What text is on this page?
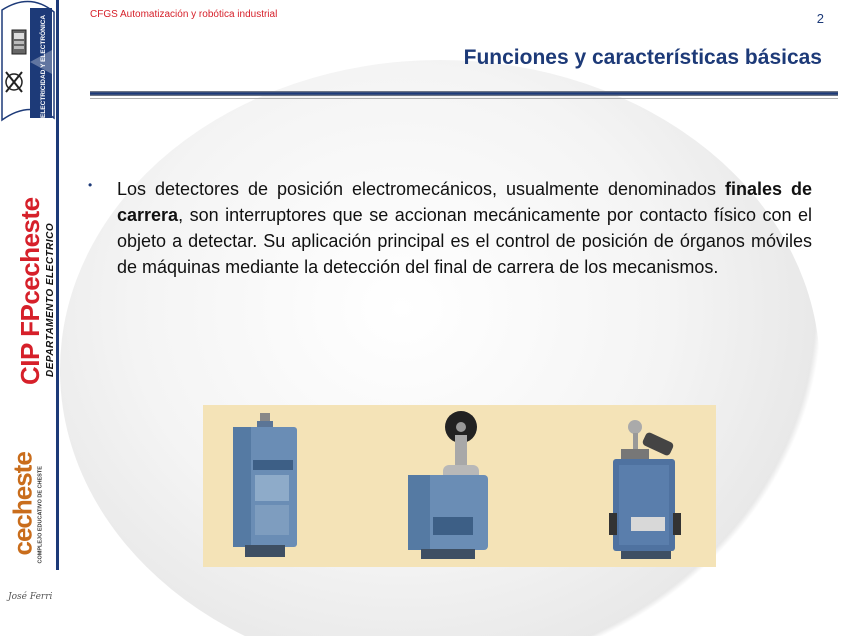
ELECTRICIDAD Y ELECTRÓNICA
CIP FPcecheste DEPARTAMENTO ELECTRICO
cecheste COMPLEJO EDUCATIVO DE CHESTE
José Ferri
CFGS Automatización y robótica industrial	2
Funciones y características básicas
• Los detectores de posición electromecánicos, usualmente denominados finales de carrera, son interruptores que se accionan mecánicamente por contacto físico con el objeto a detectar. Su aplicación principal es el control de posición de órganos móviles de máquinas mediante la detección del final de carrera de los mecanismos.
